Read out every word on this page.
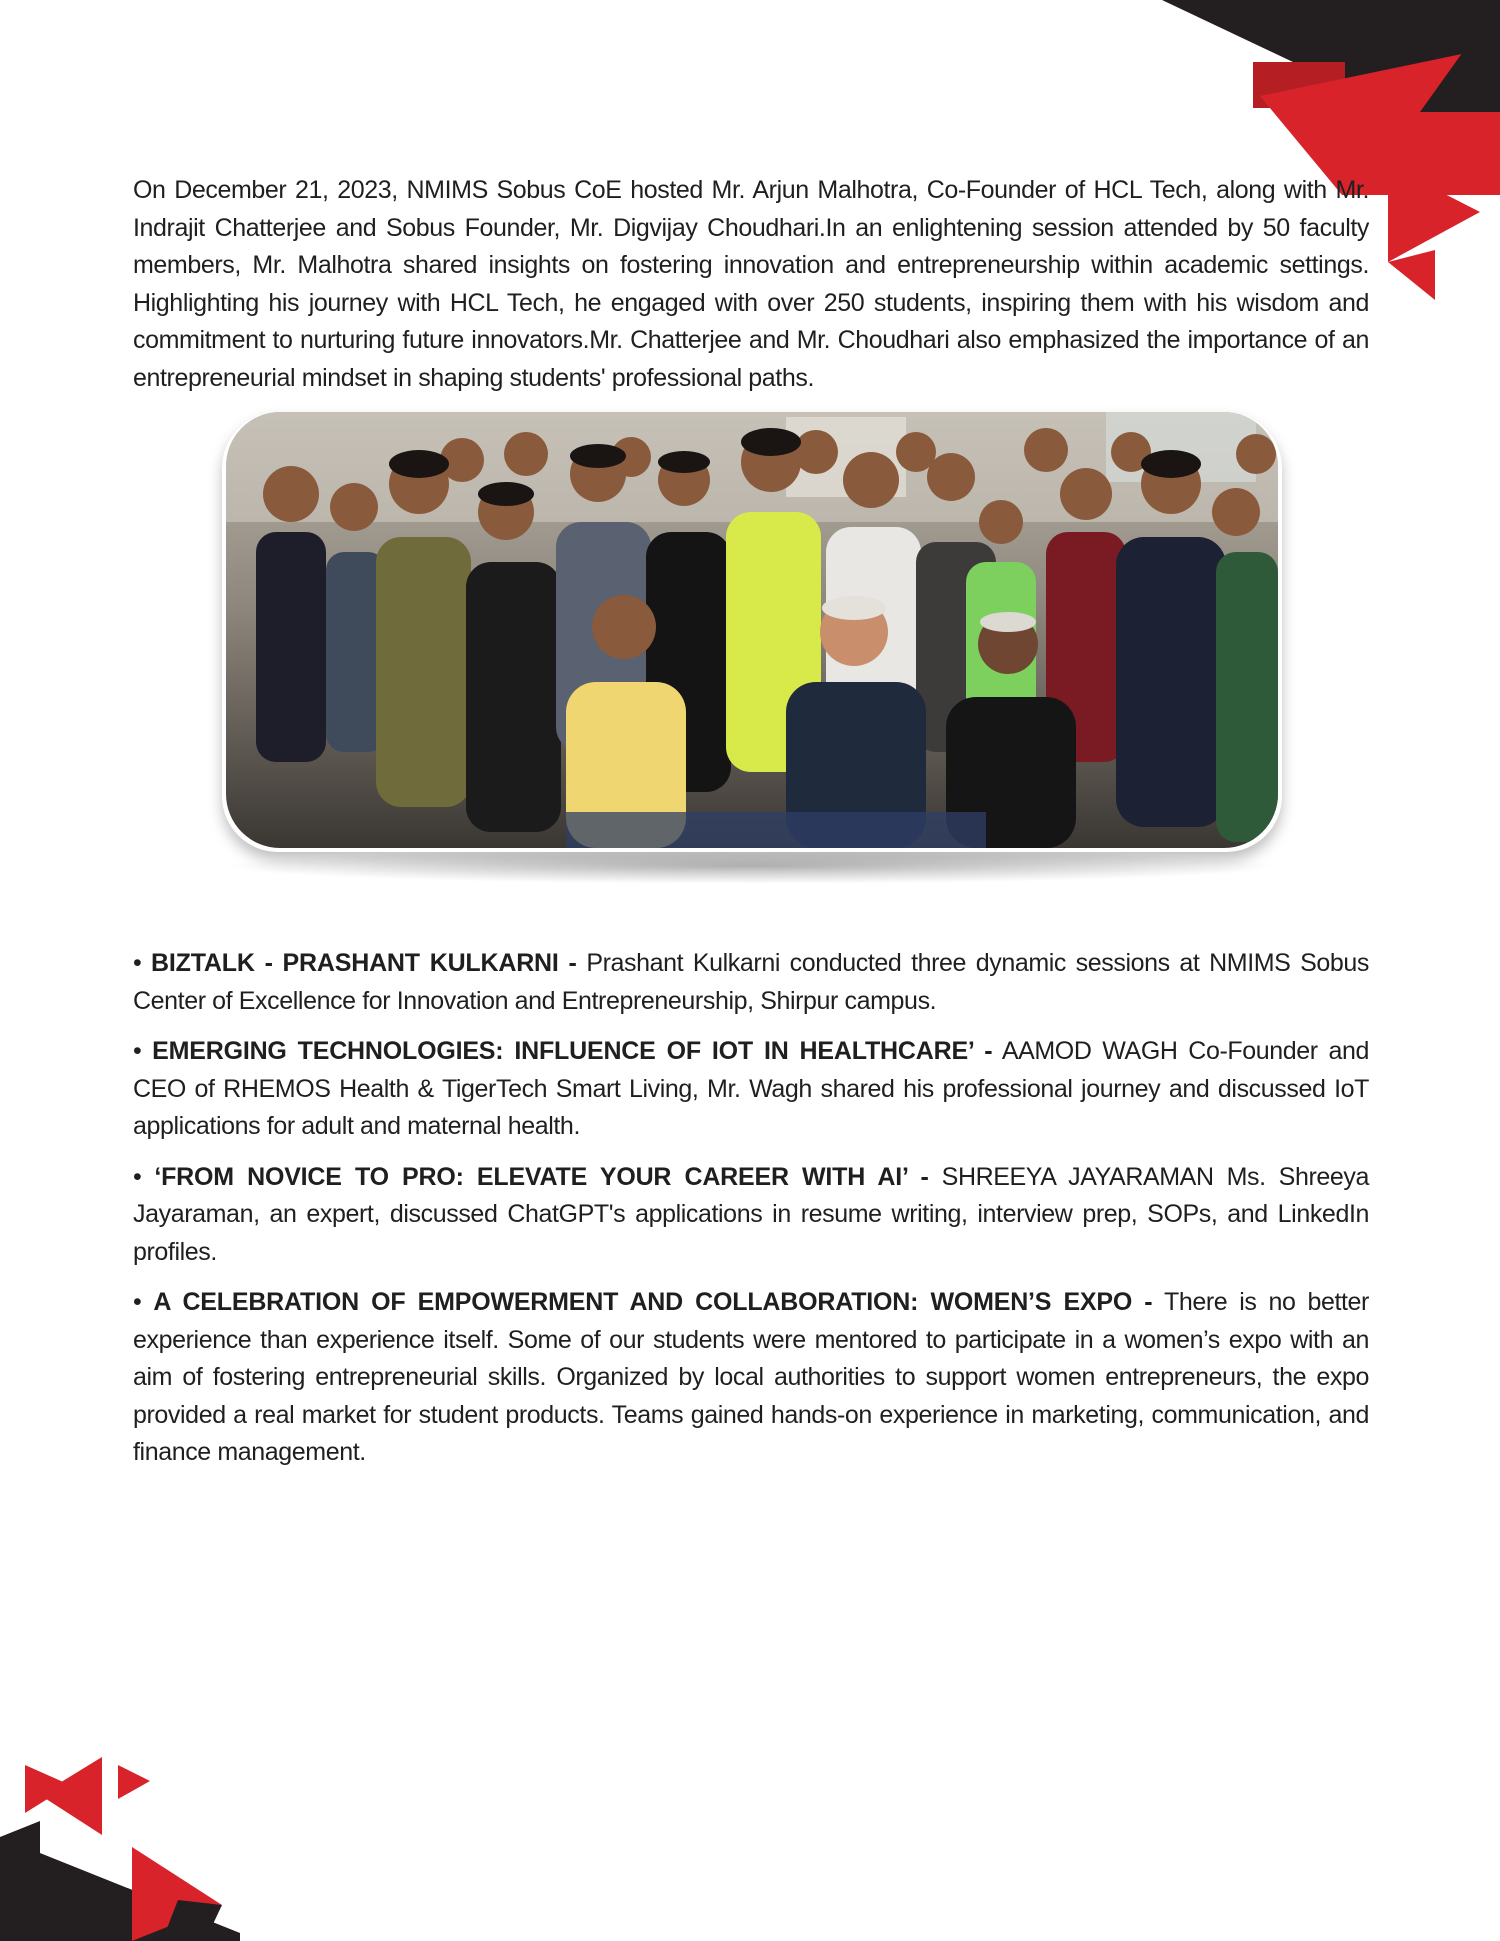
On December 21, 2023, NMIMS Sobus CoE hosted Mr. Arjun Malhotra, Co-Founder of HCL Tech, along with Mr. Indrajit Chatterjee and Sobus Founder, Mr. Digvijay Choudhari.In an enlightening session attended by 50 faculty members, Mr. Malhotra shared insights on fostering innovation and entrepreneurship within academic settings. Highlighting his journey with HCL Tech, he engaged with over 250 students, inspiring them with his wisdom and commitment to nurturing future innovators.Mr. Chatterjee and Mr. Choudhari also emphasized the importance of an entrepreneurial mindset in shaping students' professional paths.

• BIZTALK - PRASHANT KULKARNI - Prashant Kulkarni conducted three dynamic sessions at NMIMS Sobus Center of Excellence for Innovation and Entrepreneurship, Shirpur campus.

• EMERGING TECHNOLOGIES: INFLUENCE OF IOT IN HEALTHCARE’ - AAMOD WAGH Co-Founder and CEO of RHEMOS Health & TigerTech Smart Living, Mr. Wagh shared his professional journey and discussed IoT applications for adult and maternal health.

• ‘FROM NOVICE TO PRO: ELEVATE YOUR CAREER WITH AI’ - SHREEYA JAYARAMAN Ms. Shreeya Jayaraman, an expert, discussed ChatGPT's applications in resume writing, interview prep, SOPs, and LinkedIn profiles.

• A CELEBRATION OF EMPOWERMENT AND COLLABORATION: WOMEN’S EXPO - There is no better experience than experience itself. Some of our students were mentored to participate in a women’s expo with an aim of fostering entrepreneurial skills. Organized by local authorities to support women entrepreneurs, the expo provided a real market for student products. Teams gained hands-on experience in marketing, communication, and finance management.
